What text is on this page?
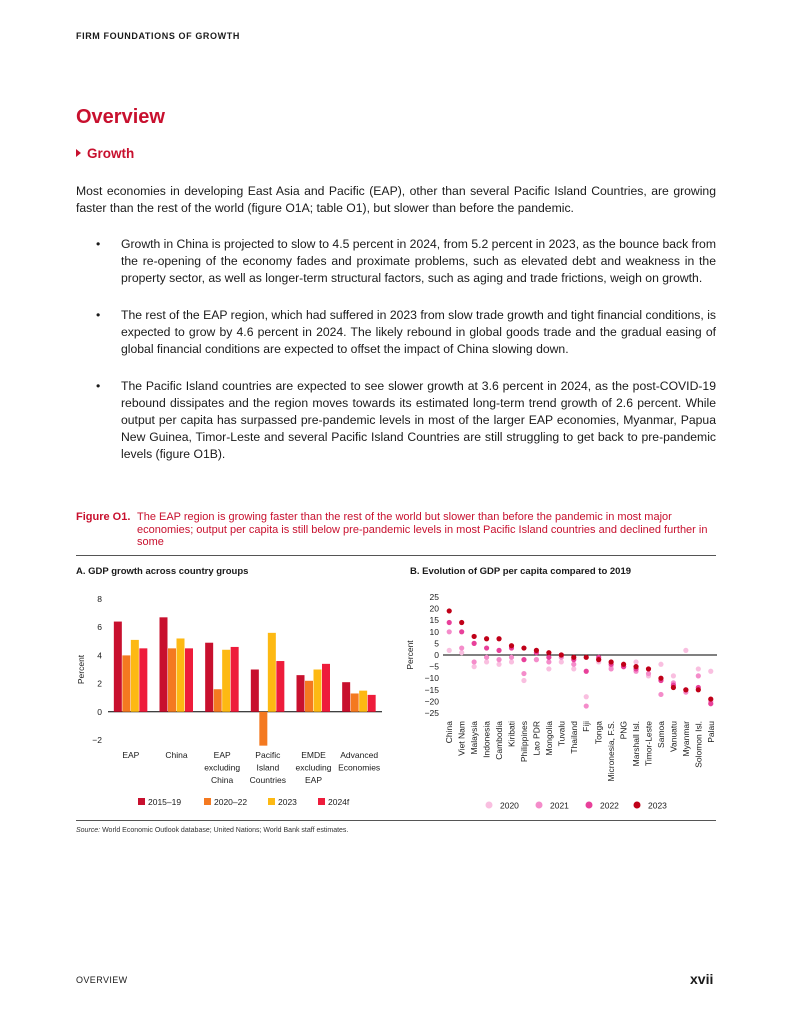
FIRM FOUNDATIONS OF GROWTH
Overview
Growth
Most economies in developing East Asia and Pacific (EAP), other than several Pacific Island Countries, are growing faster than the rest of the world (figure O1A; table O1), but slower than before the pandemic.
• Growth in China is projected to slow to 4.5 percent in 2024, from 5.2 percent in 2023, as the bounce back from the re-opening of the economy fades and proximate problems, such as elevated debt and weakness in the property sector, as well as longer-term structural factors, such as aging and trade frictions, weigh on growth.
• The rest of the EAP region, which had suffered in 2023 from slow trade growth and tight financial conditions, is expected to grow by 4.6 percent in 2024. The likely rebound in global goods trade and the gradual easing of global financial conditions are expected to offset the impact of China slowing down.
• The Pacific Island countries are expected to see slower growth at 3.6 percent in 2024, as the post-COVID-19 rebound dissipates and the region moves towards its estimated long-term trend growth of 2.6 percent. While output per capita has surpassed pre-pandemic levels in most of the larger EAP economies, Myanmar, Papua New Guinea, Timor-Leste and several Pacific Island Countries are still struggling to get back to pre-pandemic levels (figure O1B).
Figure O1. The EAP region is growing faster than the rest of the world but slower than before the pandemic in most major economies; output per capita is still below pre-pandemic levels in most Pacific Island countries and declined further in some
A. GDP growth across country groups	B. Evolution of GDP per capita compared to 2019
−2
0
2
4
6
8
Percent
EAP	China	EAP
excluding
China
Pacific
Island
Countries
EMDE
excluding
EAP
Advanced
Economies
2015–19	2020–22	2023	2024f
25
20
15
10
5
0
−5
−10
−15
−20
−25
Percent
China Viet Nam Malaysia Indonesia Cambodia Kiribati Philippines Lao PDR Mongolia Tuvalu Thailand Fiji Tonga Micronesia, F.S. PNG Marshall Isl. Timor-Leste Samoa Vanuatu Myanmar Solomon Isl. Palau
2020	2021	2022	2023
Source: World Economic Outlook database; United Nations; World Bank staff estimates.
OVERVIEW	xvii
